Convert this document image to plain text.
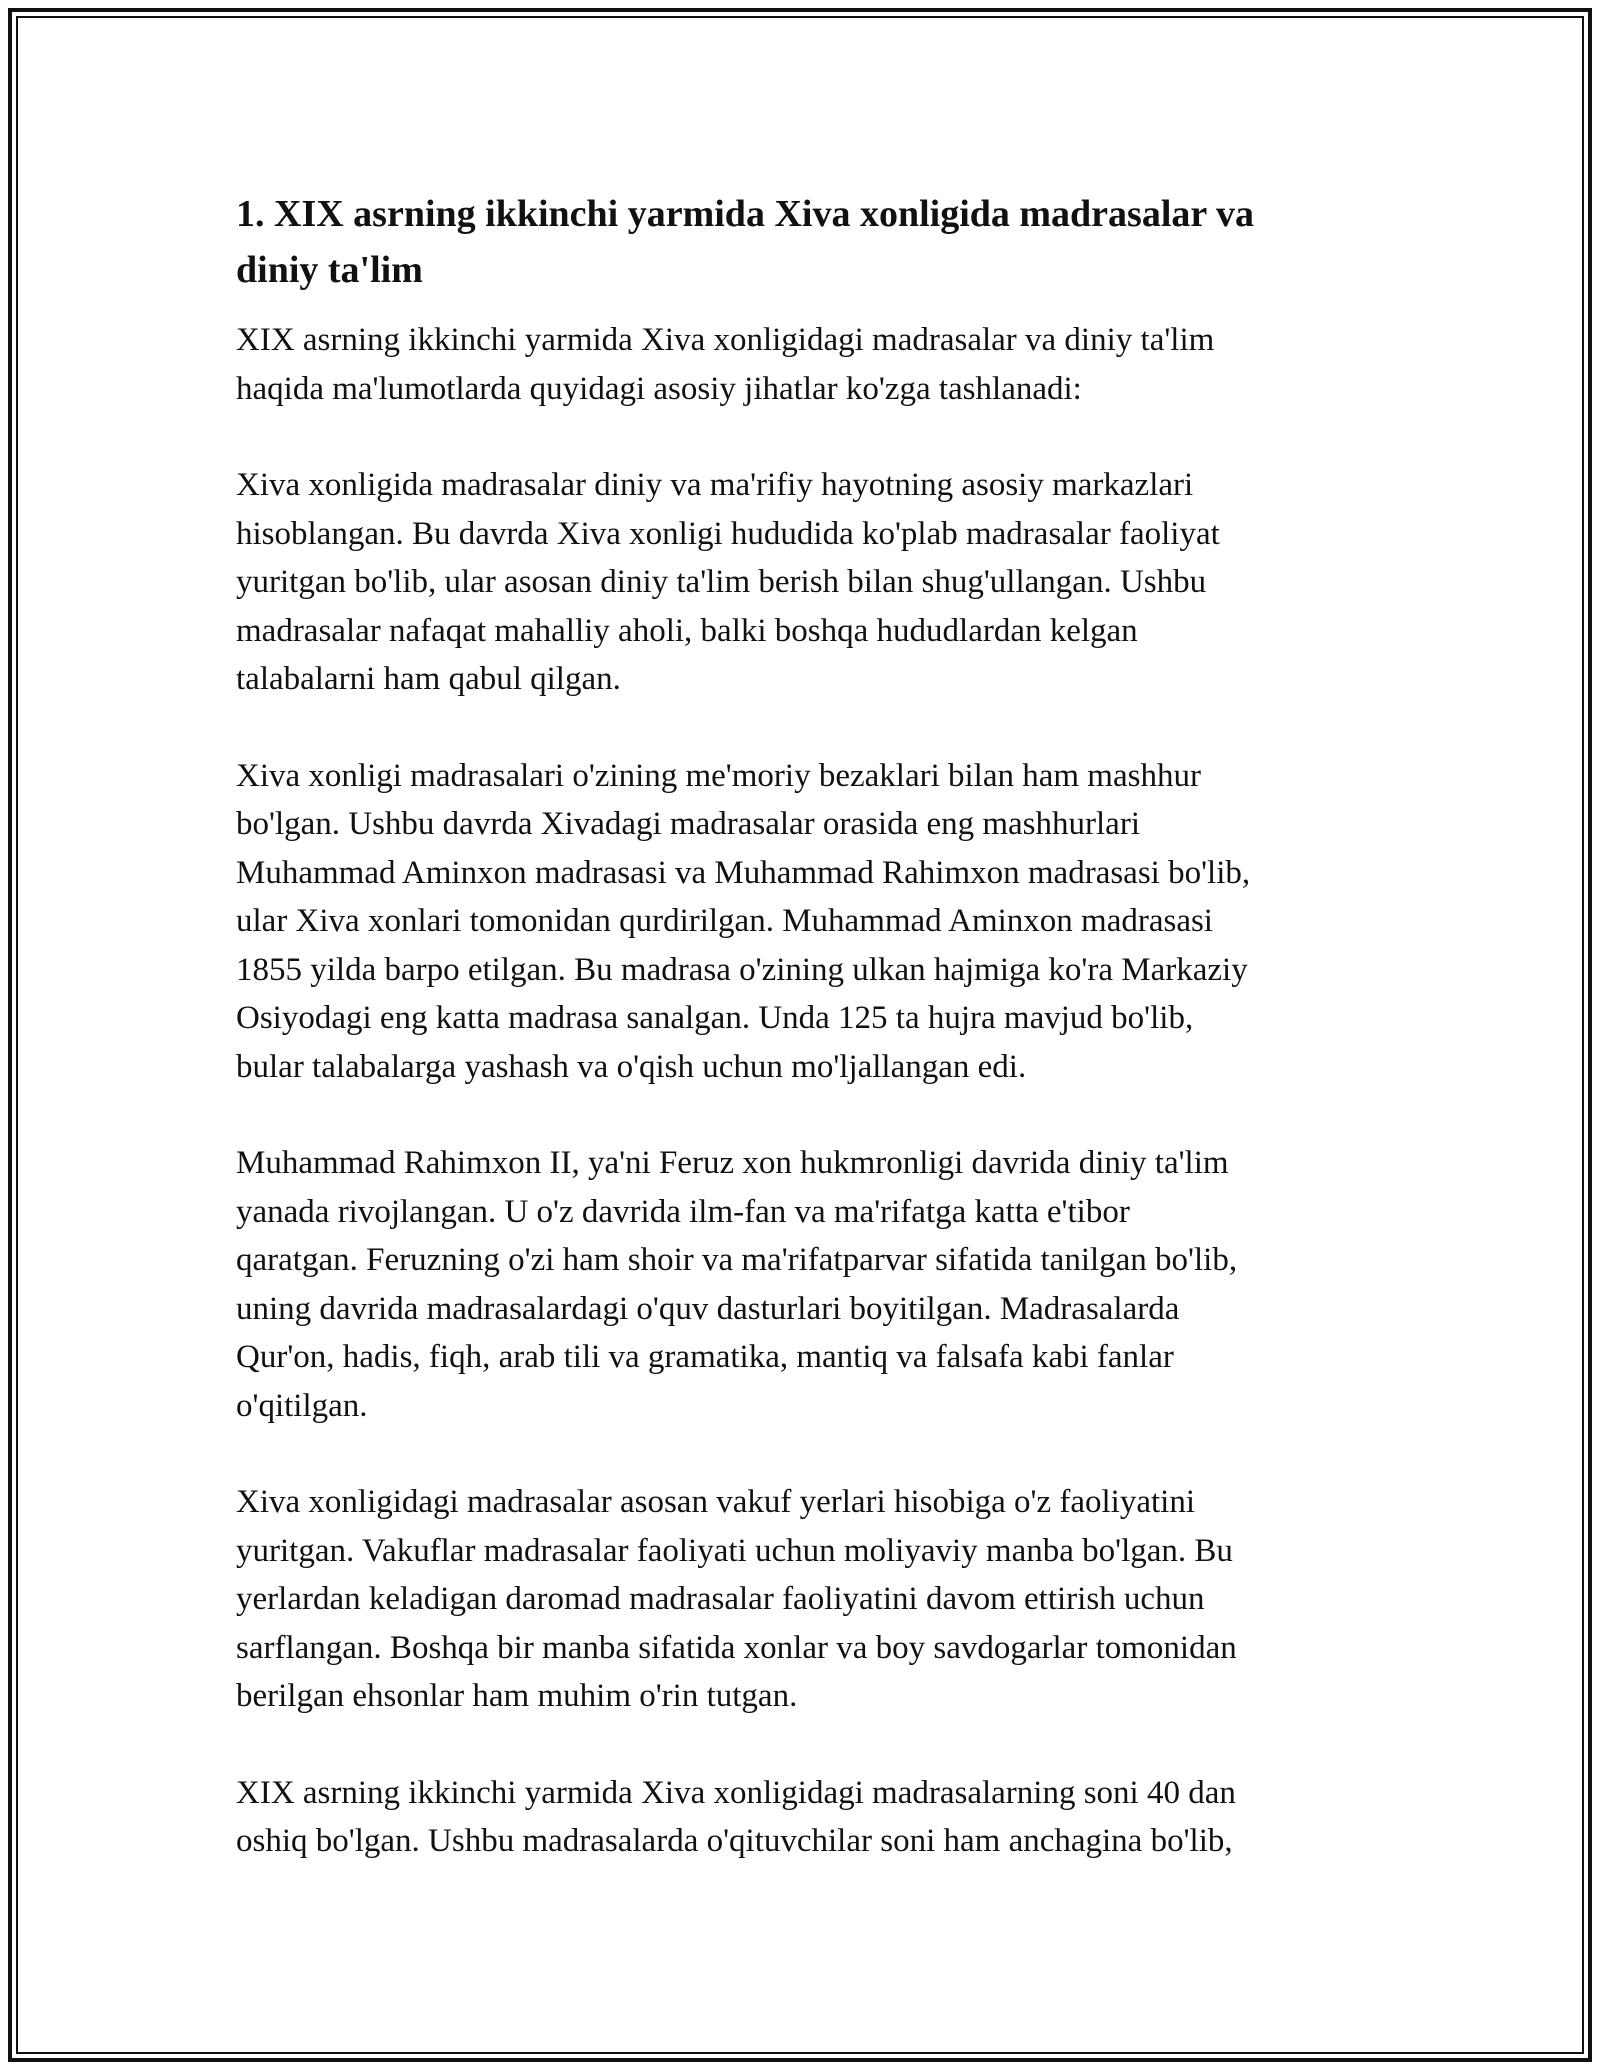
1. XIX asrning ikkinchi yarmida Xiva xonligida madrasalar va
diniy ta'lim

XIX asrning ikkinchi yarmida Xiva xonligidagi madrasalar va diniy ta'lim
haqida ma'lumotlarda quyidagi asosiy jihatlar ko'zga tashlanadi:

Xiva xonligida madrasalar diniy va ma'rifiy hayotning asosiy markazlari
hisoblangan. Bu davrda Xiva xonligi hududida ko'plab madrasalar faoliyat
yuritgan bo'lib, ular asosan diniy ta'lim berish bilan shug'ullangan. Ushbu
madrasalar nafaqat mahalliy aholi, balki boshqa hududlardan kelgan
talabalarni ham qabul qilgan.

Xiva xonligi madrasalari o'zining me'moriy bezaklari bilan ham mashhur
bo'lgan. Ushbu davrda Xivadagi madrasalar orasida eng mashhurlari
Muhammad Aminxon madrasasi va Muhammad Rahimxon madrasasi bo'lib,
ular Xiva xonlari tomonidan qurdirilgan. Muhammad Aminxon madrasasi
1855 yilda barpo etilgan. Bu madrasa o'zining ulkan hajmiga ko'ra Markaziy
Osiyodagi eng katta madrasa sanalgan. Unda 125 ta hujra mavjud bo'lib,
bular talabalarga yashash va o'qish uchun mo'ljallangan edi.

Muhammad Rahimxon II, ya'ni Feruz xon hukmronligi davrida diniy ta'lim
yanada rivojlangan. U o'z davrida ilm-fan va ma'rifatga katta e'tibor
qaratgan. Feruzning o'zi ham shoir va ma'rifatparvar sifatida tanilgan bo'lib,
uning davrida madrasalardagi o'quv dasturlari boyitilgan. Madrasalarda
Qur'on, hadis, fiqh, arab tili va gramatika, mantiq va falsafa kabi fanlar
o'qitilgan.

Xiva xonligidagi madrasalar asosan vakuf yerlari hisobiga o'z faoliyatini
yuritgan. Vakuflar madrasalar faoliyati uchun moliyaviy manba bo'lgan. Bu
yerlardan keladigan daromad madrasalar faoliyatini davom ettirish uchun
sarflangan. Boshqa bir manba sifatida xonlar va boy savdogarlar tomonidan
berilgan ehsonlar ham muhim o'rin tutgan.

XIX asrning ikkinchi yarmida Xiva xonligidagi madrasalarning soni 40 dan
oshiq bo'lgan. Ushbu madrasalarda o'qituvchilar soni ham anchagina bo'lib,
